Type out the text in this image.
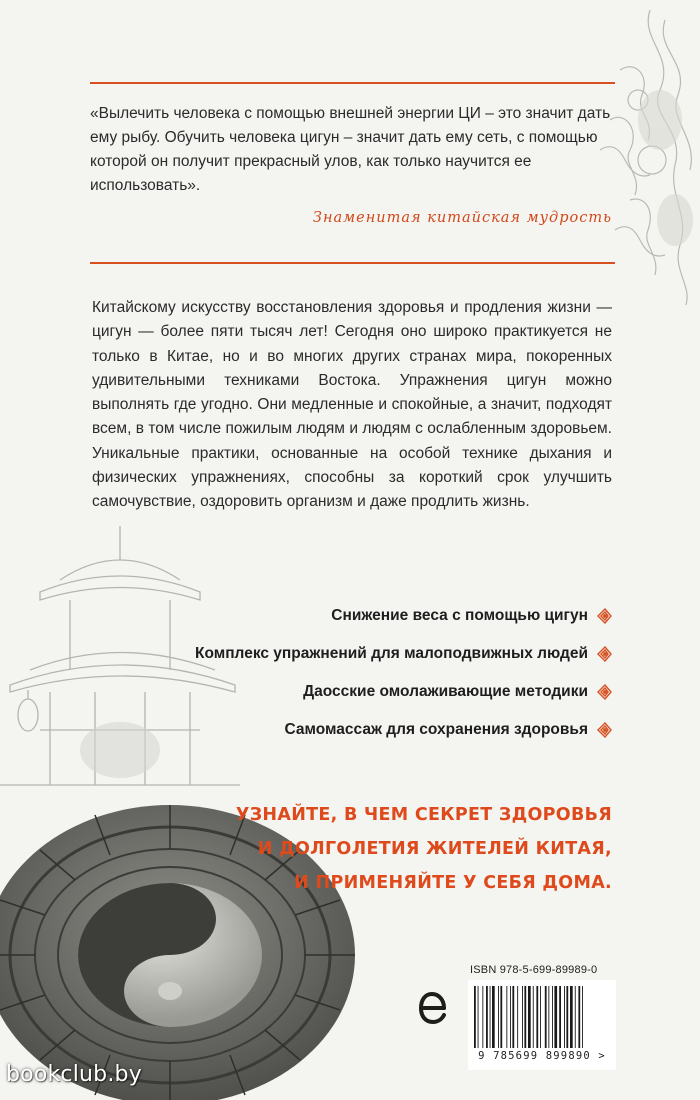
«Вылечить человека с помощью внешней энергии ЦИ – это значит дать ему рыбу. Обучить человека цигун – значит дать ему сеть, с помощью которой он получит прекрасный улов, как только научится ее использовать».
Знаменитая китайская мудрость
Китайскому искусству восстановления здоровья и продления жизни — цигун — более пяти тысяч лет! Сегодня оно широко практикуется не только в Китае, но и во многих других странах мира, покоренных удивительными техниками Востока. Упражнения цигун можно выполнять где угодно. Они медленные и спокойные, а значит, подходят всем, в том числе пожилым людям и людям с ослабленным здоровьем. Уникальные практики, основанные на особой технике дыхания и физических упражнениях, способны за короткий срок улучшить самочувствие, оздоровить организм и даже продлить жизнь.
Снижение веса с помощью цигун
Комплекс упражнений для малоподвижных людей
Даосские омолаживающие методики
Самомассаж для сохранения здоровья
УЗНАЙТЕ, В ЧЕМ СЕКРЕТ ЗДОРОВЬЯ
И ДОЛГОЛЕТИЯ ЖИТЕЛЕЙ КИТАЯ,
И ПРИМЕНЯЙТЕ У СЕБЯ ДОМА.
ISBN 978-5-699-89989-0
9 785699 899890 >
bookclub.by
